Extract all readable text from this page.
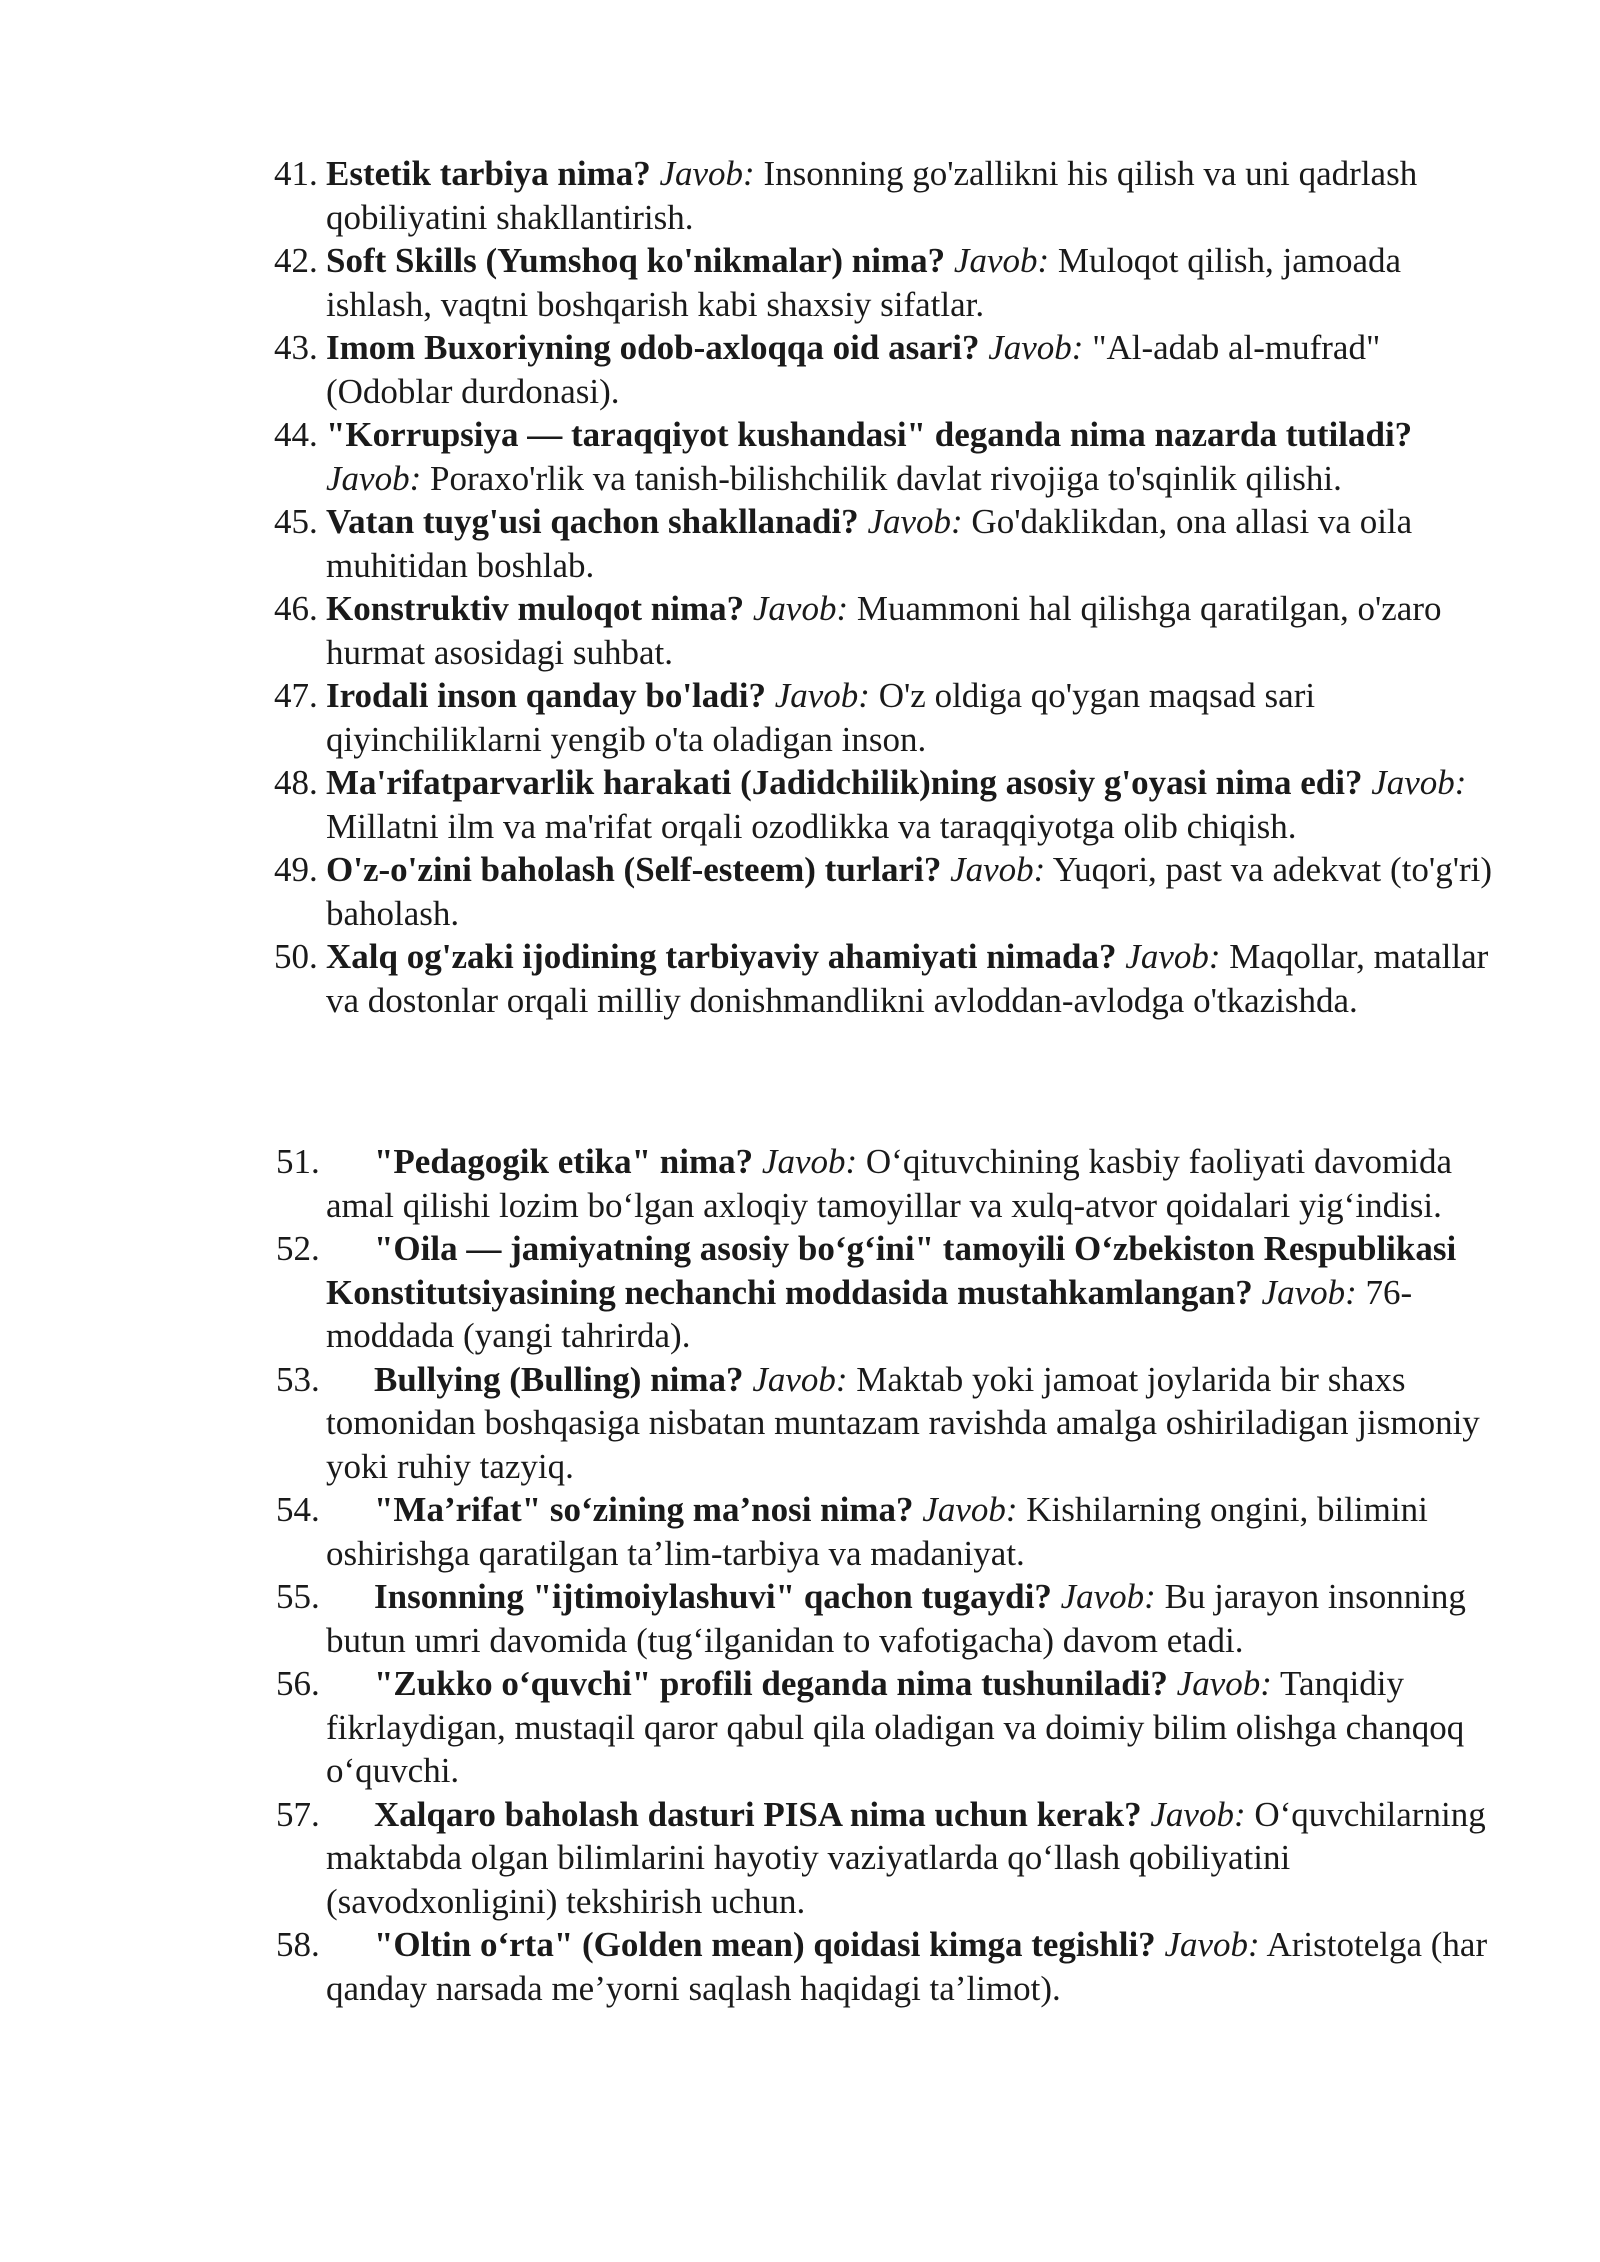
41. Estetik tarbiya nima? Javob: Insonning go'zallikni his qilish va uni qadrlash qobiliyatini shakllantirish.
42. Soft Skills (Yumshoq ko'nikmalar) nima? Javob: Muloqot qilish, jamoada ishlash, vaqtni boshqarish kabi shaxsiy sifatlar.
43. Imom Buxoriyning odob-axloqqa oid asari? Javob: "Al-adab al-mufrad" (Odoblar durdonasi).
44. "Korrupsiya — taraqqiyot kushandasi" deganda nima nazarda tutiladi? Javob: Poraxo'rlik va tanish-bilishchilik davlat rivojiga to'sqinlik qilishi.
45. Vatan tuyg'usi qachon shakllanadi? Javob: Go'daklikdan, ona allasi va oila muhitidan boshlab.
46. Konstruktiv muloqot nima? Javob: Muammoni hal qilishga qaratilgan, o'zaro hurmat asosidagi suhbat.
47. Irodali inson qanday bo'ladi? Javob: O'z oldiga qo'ygan maqsad sari qiyinchiliklarni yengib o'ta oladigan inson.
48. Ma'rifatparvarlik harakati (Jadidchilik)ning asosiy g'oyasi nima edi? Javob: Millatni ilm va ma'rifat orqali ozodlikka va taraqqiyotga olib chiqish.
49. O'z-o'zini baholash (Self-esteem) turlari? Javob: Yuqori, past va adekvat (to'g'ri) baholash.
50. Xalq og'zaki ijodining tarbiyaviy ahamiyati nimada? Javob: Maqollar, matallar va dostonlar orqali milliy donishmandlikni avloddan-avlodga o'tkazishda.
51. "Pedagogik etika" nima? Javob: O‘qituvchining kasbiy faoliyati davomida amal qilishi lozim bo‘lgan axloqiy tamoyillar va xulq-atvor qoidalari yig‘indisi.
52. "Oila — jamiyatning asosiy bo‘g‘ini" tamoyili O‘zbekiston Respublikasi Konstitutsiyasining nechanchi moddasida mustahkamlangan? Javob: 76-moddada (yangi tahrirda).
53. Bullying (Bulling) nima? Javob: Maktab yoki jamoat joylarida bir shaxs tomonidan boshqasiga nisbatan muntazam ravishda amalga oshiriladigan jismoniy yoki ruhiy tazyiq.
54. "Ma’rifat" so‘zining ma’nosi nima? Javob: Kishilarning ongini, bilimini oshirishga qaratilgan ta’lim-tarbiya va madaniyat.
55. Insonning "ijtimoiylashuvi" qachon tugaydi? Javob: Bu jarayon insonning butun umri davomida (tug‘ilganidan to vafotigacha) davom etadi.
56. "Zukko o‘quvchi" profili deganda nima tushuniladi? Javob: Tanqidiy fikrlaydigan, mustaqil qaror qabul qila oladigan va doimiy bilim olishga chanqoq o‘quvchi.
57. Xalqaro baholash dasturi PISA nima uchun kerak? Javob: O‘quvchilarning maktabda olgan bilimlarini hayotiy vaziyatlarda qo‘llash qobiliyatini (savodxonligini) tekshirish uchun.
58. "Oltin o‘rta" (Golden mean) qoidasi kimga tegishli? Javob: Aristotelga (har qanday narsada me’yorni saqlash haqidagi ta’limot).
